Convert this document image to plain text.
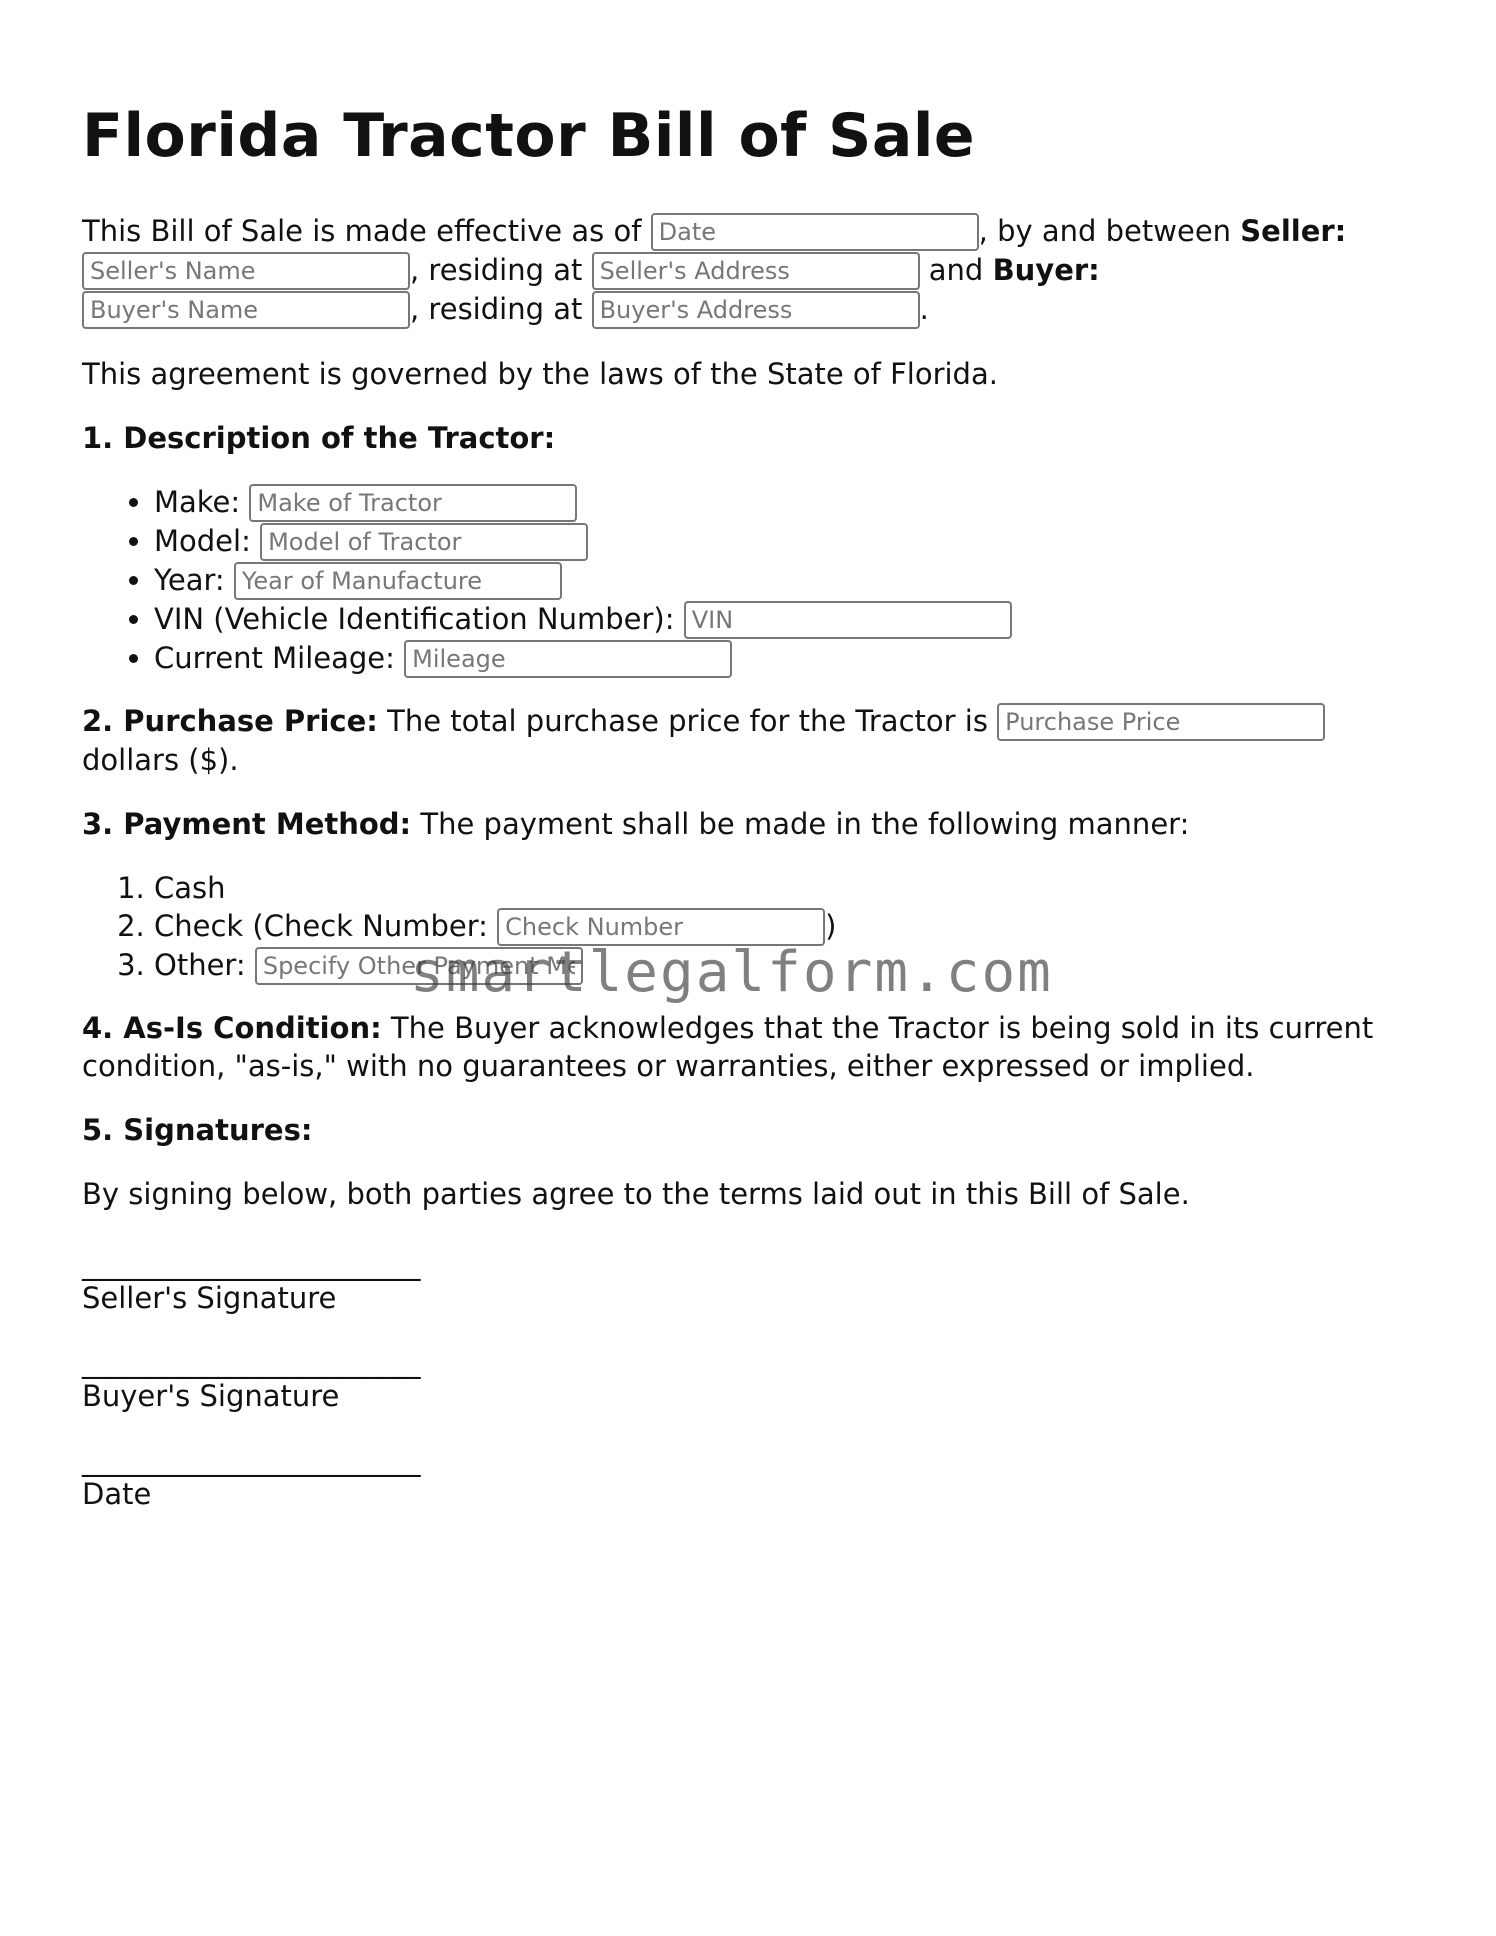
Florida Tractor Bill of Sale

This Bill of Sale is made effective as of Date	, by and between Seller:
Seller's Name, residing at Seller's Address	and Buyer:
Buyer's Name, residing at Buyer's Address	.

This agreement is governed by the laws of the State of Florida.

1. Description of the Tractor:

• Make: Make of Tractor
• Model: Model of Tractor
• Year: Year of Manufacture
• VIN (Vehicle Identification Number): VIN
• Current Mileage: Mileage

2. Purchase Price: The total purchase price for the Tractor is Purchase Price
dollars ($).

3. Payment Method: The payment shall be made in the following manner:

1. Cash
2. Check (Check Number: Check Number	)
3. Other: Specify Other Payment Method

4. As-Is Condition: The Buyer acknowledges that the Tractor is being sold in its current condition, "as-is," with no guarantees or warranties, either expressed or implied.

5. Signatures:

By signing below, both parties agree to the terms laid out in this Bill of Sale.

_________________________
Seller's Signature
_________________________
Buyer's Signature
_________________________
Date
smartlegalform.com
